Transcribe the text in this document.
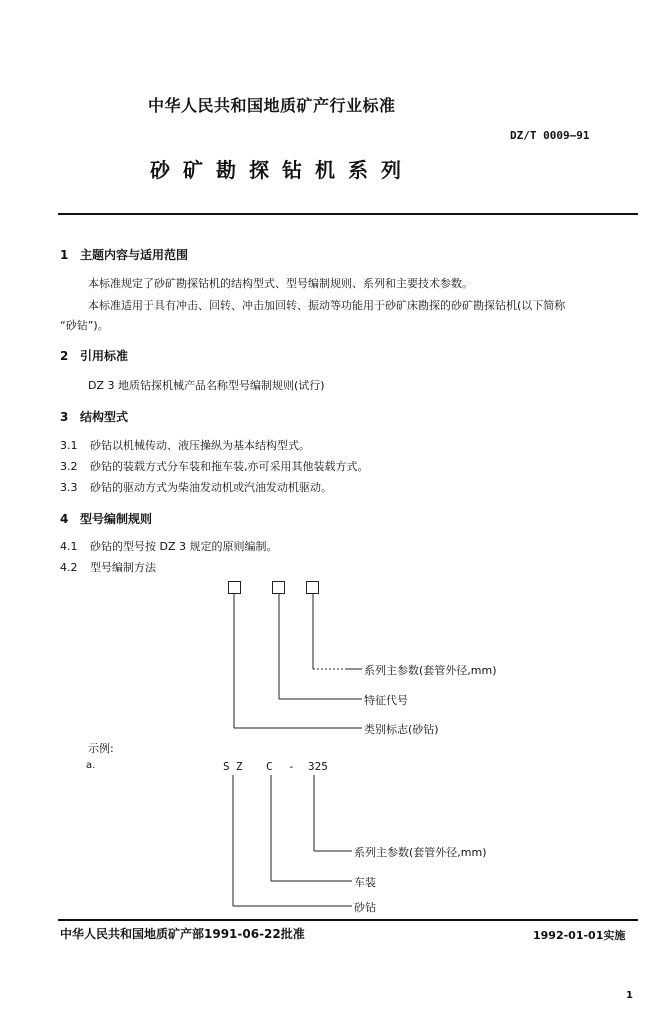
中华人民共和国地质矿产行业标准
DZ/T 0009—91
砂矿勘探钻机系列
1 主题内容与适用范围
本标准规定了砂矿勘探钻机的结构型式、型号编制规则、系列和主要技术参数。
本标准适用于具有冲击、回转、冲击加回转、振动等功能用于砂矿床勘探的砂矿勘探钻机(以下简称
“砂钻”)。
2 引用标准
DZ 3 地质钻探机械产品名称型号编制规则(试行)
3 结构型式
3.1 砂钻以机械传动、液压操纵为基本结构型式。
3.2 砂钻的装载方式分车装和拖车装,亦可采用其他装载方式。
3.3 砂钻的驱动方式为柴油发动机或汽油发动机驱动。
4 型号编制规则
4.1 砂钻的型号按 DZ 3 规定的原则编制。
4.2 型号编制方法
系列主参数(套管外径,mm)
特征代号
类别标志(砂钻)
示例:
a.	S Z C - 325
系列主参数(套管外径,mm)
车装
砂钻
中华人民共和国地质矿产部1991-06-22批准	1992-01-01实施
1
